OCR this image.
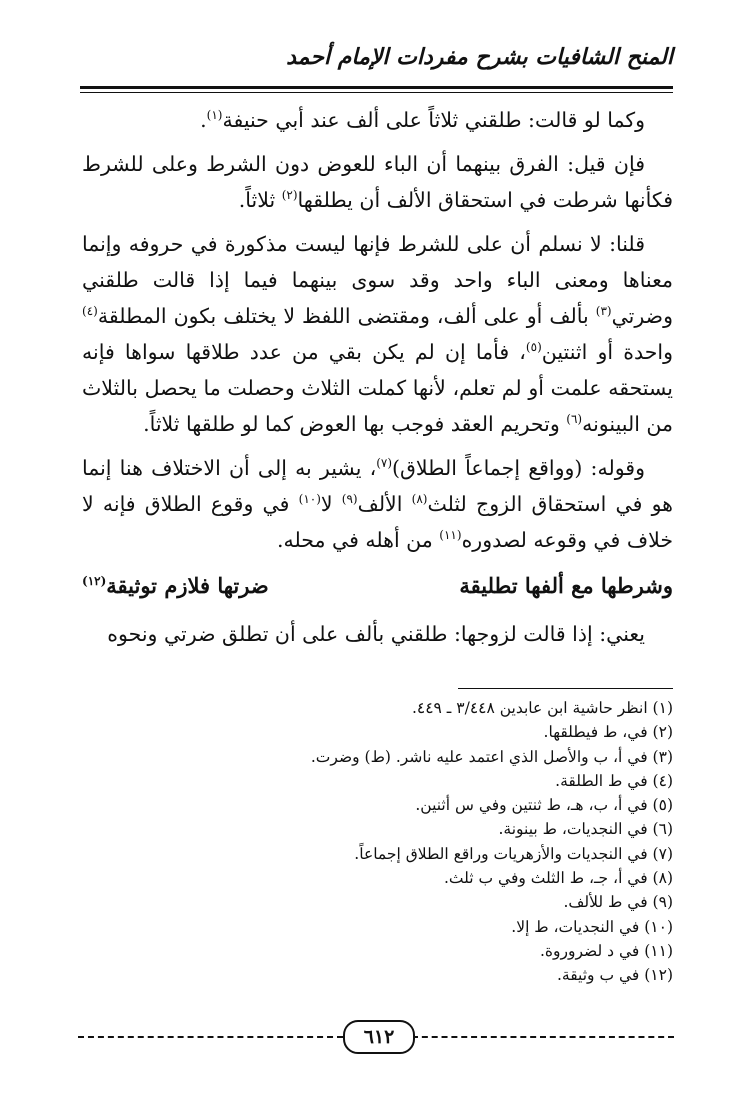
المنح الشافيات بشرح مفردات الإمام أحمد

وكما لو قالت: طلقني ثلاثاً على ألف عند أبي حنيفة$^{(١)}$.

فإن قيل: الفرق بينهما أن الباء للعوض دون الشرط وعلى للشرط فكأنها شرطت في استحقاق الألف أن يطلقها$^{(٢)}$ ثلاثاً.

قلنا: لا نسلم أن على للشرط فإنها ليست مذكورة في حروفه وإنما معناها ومعنى الباء واحد وقد سوى بينهما فيما إذا قالت طلقني وضرتي$^{(٣)}$ بألف أو على ألف، ومقتضى اللفظ لا يختلف بكون المطلقة$^{(٤)}$ واحدة أو اثنتين$^{(٥)}$، فأما إن لم يكن بقي من عدد طلاقها سواها فإنه يستحقه علمت أو لم تعلم، لأنها كملت الثلاث وحصلت ما يحصل بالثلاث من البينونه$^{(٦)}$ وتحريم العقد فوجب بها العوض كما لو طلقها ثلاثاً.

وقوله: (وواقع إجماعاً الطلاق)$^{(٧)}$، يشير به إلى أن الاختلاف هنا إنما هو في استحقاق الزوج لثلث$^{(٨)}$ الألف$^{(٩)}$ لا$^{(١٠)}$ في وقوع الطلاق فإنه لا خلاف في وقوعه لصدوره$^{(١١)}$ من أهله في محله.

وشرطها مع ألفها تطليقة
ضرتها فلازم توثيقة$^{(١٢)}$

يعني: إذا قالت لزوجها: طلقني بألف على أن تطلق ضرتي ونحوه

(١) انظر حاشية ابن عابدين ٣/٤٤٨ ـ ٤٤٩.
(٢) في، ط فيطلقها.
(٣) في أ، ب والأصل الذي اعتمد عليه ناشر. (ط) وضرت.
(٤) في ط الطلقة.
(٥) في أ، ب، هـ، ط ثنتين وفي س أثنين.
(٦) في النجديات، ط بينونة.
(٧) في النجديات والأزهريات وراقع الطلاق إجماعاً.
(٨) في أ، جـ، ط الثلث وفي ب ثلث.
(٩) في ط للألف.
(١٠) في النجديات، ط إلا.
(١١) في د لضروروة.
(١٢) في ب وثيقة.
٦١٢
